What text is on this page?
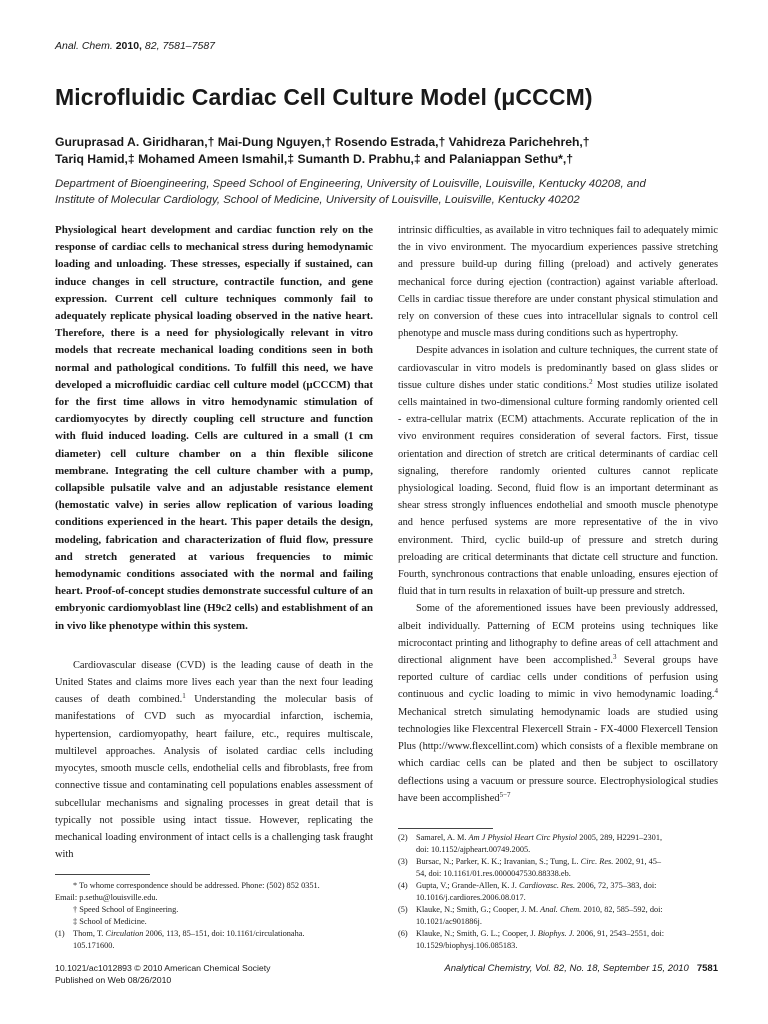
Anal. Chem. 2010, 82, 7581–7587
Microfluidic Cardiac Cell Culture Model (μCCCM)
Guruprasad A. Giridharan,† Mai-Dung Nguyen,† Rosendo Estrada,† Vahidreza Parichehreh,†
Tariq Hamid,‡ Mohamed Ameen Ismahil,‡ Sumanth D. Prabhu,‡ and Palaniappan Sethu*,†
Department of Bioengineering, Speed School of Engineering, University of Louisville, Louisville, Kentucky 40208, and
Institute of Molecular Cardiology, School of Medicine, University of Louisville, Louisville, Kentucky 40202

Physiological heart development and cardiac function rely on the response of cardiac cells to mechanical stress during hemodynamic loading and unloading. These stresses, especially if sustained, can induce changes in cell structure, contractile function, and gene expression. Current cell culture techniques commonly fail to adequately replicate physical loading observed in the native heart. Therefore, there is a need for physiologically relevant in vitro models that recreate mechanical loading conditions seen in both normal and pathological conditions. To fulfill this need, we have developed a microfluidic cardiac cell culture model (μCCCM) that for the first time allows in vitro hemodynamic stimulation of cardiomyocytes by directly coupling cell structure and function with fluid induced loading. Cells are cultured in a small (1 cm diameter) cell culture chamber on a thin flexible silicone membrane. Integrating the cell culture chamber with a pump, collapsible pulsatile valve and an adjustable resistance element (hemostatic valve) in series allow replication of various loading conditions experienced in the heart. This paper details the design, modeling, fabrication and characterization of fluid flow, pressure and stretch generated at various frequencies to mimic hemodynamic conditions associated with the normal and failing heart. Proof-of-concept studies demonstrate successful culture of an embryonic cardiomyoblast line (H9c2 cells) and establishment of an in vivo like phenotype within this system.

Cardiovascular disease (CVD) is the leading cause of death in the United States and claims more lives each year than the next four leading causes of death combined.$^1$ Understanding the molecular basis of manifestations of CVD such as myocardial infarction, ischemia, hypertension, cardiomyopathy, heart failure, etc., requires multiscale, multilevel approaches. Analysis of isolated cardiac cells including myocytes, smooth muscle cells, endothelial cells and fibroblasts, free from connective tissue and contaminating cell populations enables assessment of subcellular mechanisms and signaling processes in great detail that is typically not possible using intact tissue. However, replicating the mechanical loading environment of intact cells is a challenging task fraught with

intrinsic difficulties, as available in vitro techniques fail to adequately mimic the in vivo environment. The myocardium experiences passive stretching and pressure build-up during filling (preload) and actively generates mechanical force during ejection (contraction) against variable afterload. Cells in cardiac tissue therefore are under constant physical stimulation and rely on conversion of these cues into intracellular signals to control cell phenotype and muscle mass during conditions such as hypertrophy.

Despite advances in isolation and culture techniques, the current state of cardiovascular in vitro models is predominantly based on glass slides or tissue culture dishes under static conditions.$^2$ Most studies utilize isolated cells maintained in two-dimensional culture forming randomly oriented cell - extra-cellular matrix (ECM) attachments. Accurate replication of the in vivo environment requires consideration of several factors. First, tissue orientation and direction of stretch are critical determinants of cardiac cell signaling, therefore randomly oriented cultures cannot replicate physiological loading. Second, fluid flow is an important determinant as shear stress strongly influences endothelial and smooth muscle phenotype and hence perfused systems are more representative of the in vivo environment. Third, cyclic build-up of pressure and stretch during preloading are critical determinants that dictate cell structure and function. Fourth, synchronous contractions that enable unloading, ensures ejection of fluid that in turn results in relaxation of built-up pressure and stretch.

Some of the aforementioned issues have been previously addressed, albeit individually. Patterning of ECM proteins using techniques like microcontact printing and lithography to define areas of cell attachment and directional alignment have been accomplished.$^3$ Several groups have reported culture of cardiac cells under conditions of perfusion using continuous and cyclic loading to mimic in vivo hemodynamic loading.$^4$ Mechanical stretch simulating hemodynamic loads are studied using technologies like Flexcentral Flexercell Strain - FX-4000 Flexercell Tension Plus (http://www.flexcellint.com) which consists of a flexible membrane on which cardiac cells can be plated and then be subject to oscillatory deflections using a vacuum or pressure source. Electrophysiological studies have been accomplished$^{5-7}$

* To whome correspondence should be addressed. Phone: (502) 852 0351.
Email: p.sethu@louisville.edu.
† Speed School of Engineering.
‡ School of Medicine.
(1)	Thom, T. Circulation 2006, 113, 85–151, doi: 10.1161/circulationaha.
105.171600.
(2)	Samarel, A. M. Am J Physiol Heart Circ Physiol 2005, 289, H2291–2301,
doi: 10.1152/ajpheart.00749.2005.
(3)	Bursac, N.; Parker, K. K.; Iravanian, S.; Tung, L. Circ. Res. 2002, 91, 45–
54, doi: 10.1161/01.res.0000047530.88338.eb.
(4)	Gupta, V.; Grande-Allen, K. J. Cardiovasc. Res. 2006, 72, 375–383, doi:
10.1016/j.cardiores.2006.08.017.
(5)	Klauke, N.; Smith, G.; Cooper, J. M. Anal. Chem. 2010, 82, 585–592, doi:
10.1021/ac901886j.
(6)	Klauke, N.; Smith, G. L.; Cooper, J. Biophys. J. 2006, 91, 2543–2551, doi:
10.1529/biophysj.106.085183.
10.1021/ac1012893 © 2010 American Chemical Society
Published on Web 08/26/2010
Analytical Chemistry, Vol. 82, No. 18, September 15, 2010 7581
